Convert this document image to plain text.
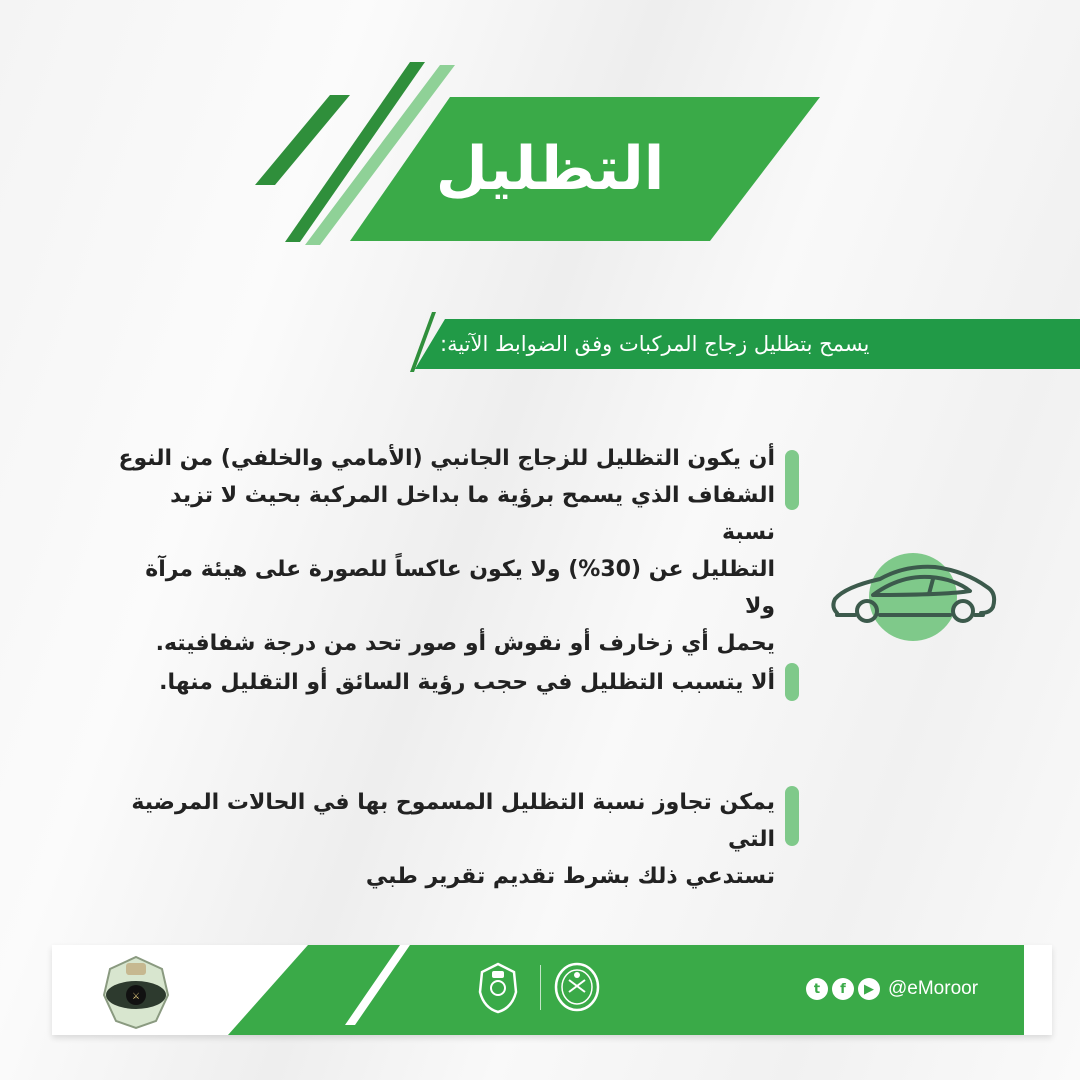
التظليل
يسمح بتظليل زجاج المركبات وفق الضوابط الآتية:
أن يكون التظليل للزجاج الجانبي (الأمامي والخلفي) من النوع
الشفاف الذي يسمح برؤية ما بداخل المركبة بحيث لا تزيد نسبة
التظليل عن (30%) ولا يكون عاكساً للصورة على هيئة مرآة ولا
يحمل أي زخارف أو نقوش أو صور تحد من درجة شفافيته.
ألا يتسبب التظليل في حجب رؤية السائق أو التقليل منها.
يمكن تجاوز نسبة التظليل المسموح بها في الحالات المرضية التي
تستدعي ذلك بشرط تقديم تقرير طبي
⚔
t	f	▶ @eMoroor
